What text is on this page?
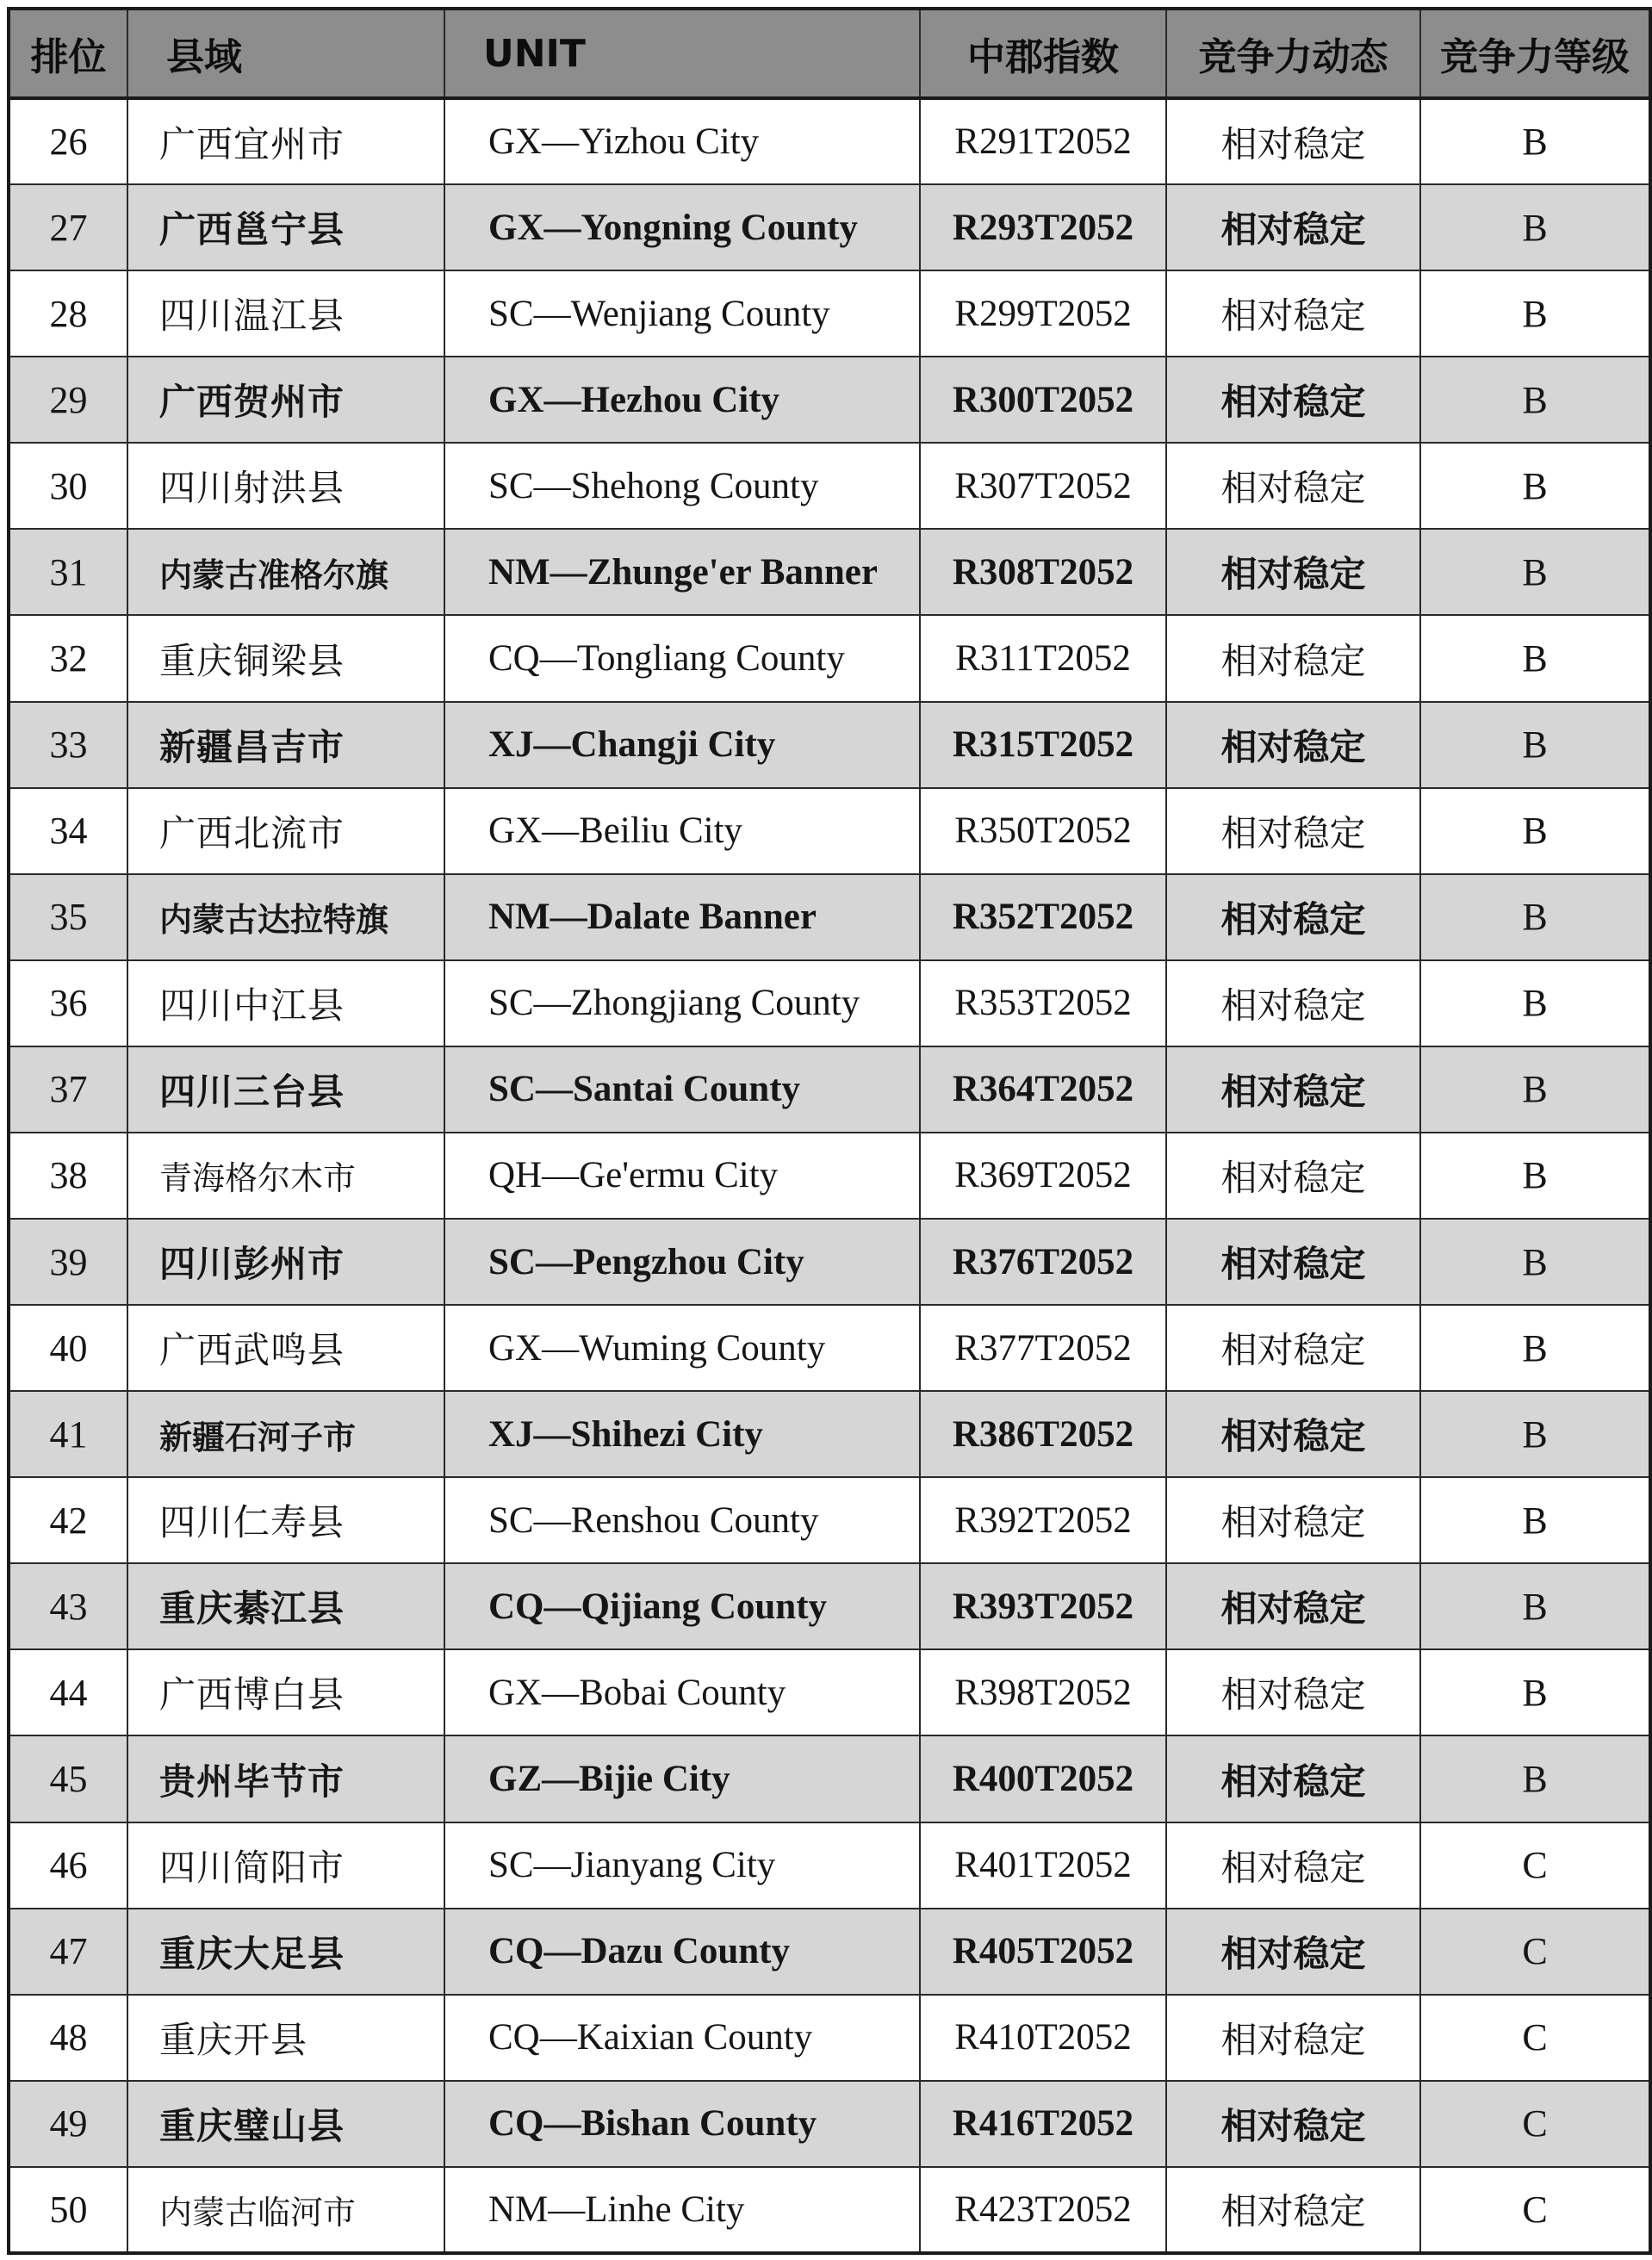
排位	县域	UNIT	中郡指数	竞争力动态	竞争力等级
26	广西宜州市	GX—Yizhou City	R291T2052	相对稳定	B
27	广西邕宁县	GX—Yongning County	R293T2052	相对稳定	B
28	四川温江县	SC—Wenjiang County	R299T2052	相对稳定	B
29	广西贺州市	GX—Hezhou City	R300T2052	相对稳定	B
30	四川射洪县	SC—Shehong County	R307T2052	相对稳定	B
31	内蒙古准格尔旗	NM—Zhunge'er Banner	R308T2052	相对稳定	B
32	重庆铜梁县	CQ—Tongliang County	R311T2052	相对稳定	B
33	新疆昌吉市	XJ—Changji City	R315T2052	相对稳定	B
34	广西北流市	GX—Beiliu City	R350T2052	相对稳定	B
35	内蒙古达拉特旗	NM—Dalate Banner	R352T2052	相对稳定	B
36	四川中江县	SC—Zhongjiang County	R353T2052	相对稳定	B
37	四川三台县	SC—Santai County	R364T2052	相对稳定	B
38	青海格尔木市	QH—Ge'ermu City	R369T2052	相对稳定	B
39	四川彭州市	SC—Pengzhou City	R376T2052	相对稳定	B
40	广西武鸣县	GX—Wuming County	R377T2052	相对稳定	B
41	新疆石河子市	XJ—Shihezi City	R386T2052	相对稳定	B
42	四川仁寿县	SC—Renshou County	R392T2052	相对稳定	B
43	重庆綦江县	CQ—Qijiang County	R393T2052	相对稳定	B
44	广西博白县	GX—Bobai County	R398T2052	相对稳定	B
45	贵州毕节市	GZ—Bijie City	R400T2052	相对稳定	B
46	四川简阳市	SC—Jianyang City	R401T2052	相对稳定	C
47	重庆大足县	CQ—Dazu County	R405T2052	相对稳定	C
48	重庆开县	CQ—Kaixian County	R410T2052	相对稳定	C
49	重庆璧山县	CQ—Bishan County	R416T2052	相对稳定	C
50	内蒙古临河市	NM—Linhe City	R423T2052	相对稳定	C
